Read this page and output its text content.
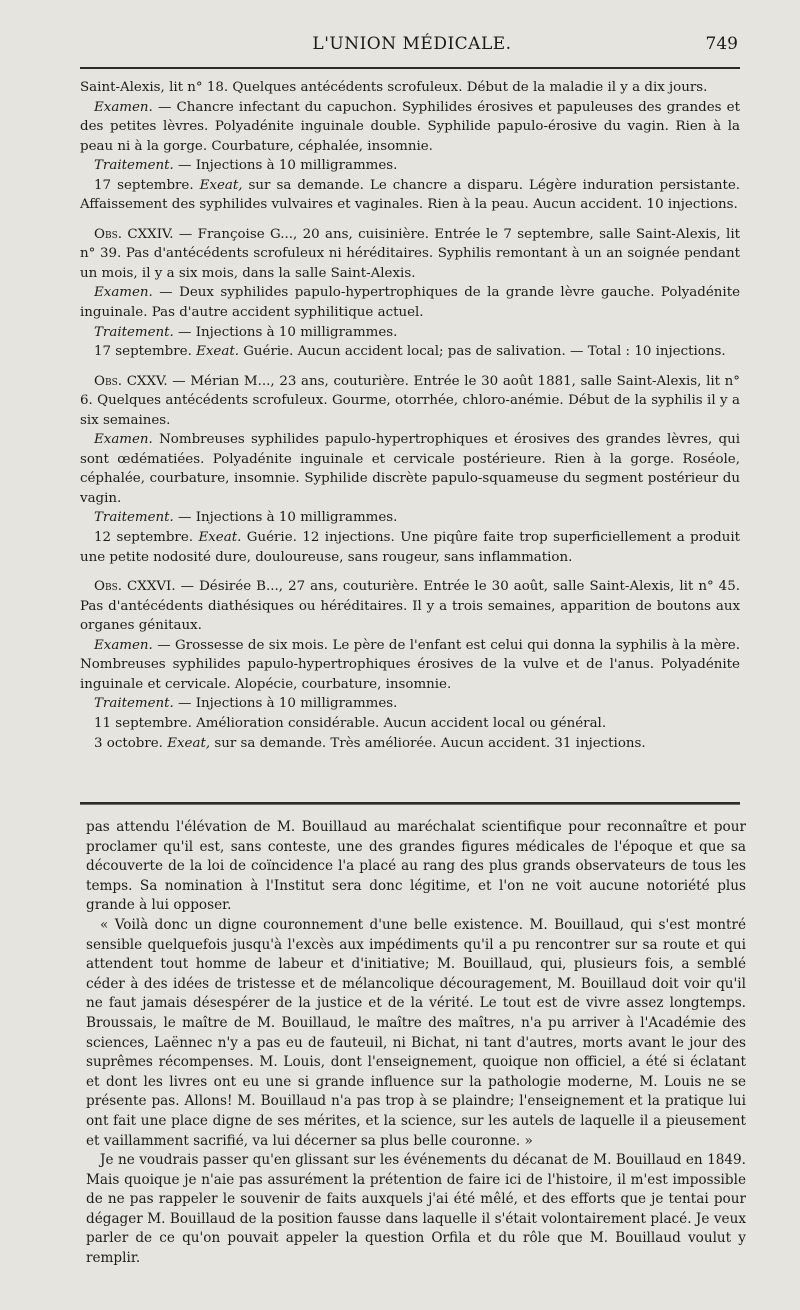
L'UNION MÉDICALE.	749

Saint-Alexis, lit n° 18. Quelques antécédents scrofuleux. Début de la maladie il y a dix jours.

Examen. — Chancre infectant du capuchon. Syphilides érosives et papuleuses des grandes et des petites lèvres. Polyadénite inguinale double. Syphilide papulo-érosive du vagin. Rien à la peau ni à la gorge. Courbature, céphalée, insomnie.

Traitement. — Injections à 10 milligrammes.

17 septembre. Exeat, sur sa demande. Le chancre a disparu. Légère induration persistante. Affaissement des syphilides vulvaires et vaginales. Rien à la peau. Aucun accident. 10 injections.

Obs. CXXIV. — Françoise G..., 20 ans, cuisinière. Entrée le 7 septembre, salle Saint-Alexis, lit n° 39. Pas d'antécédents scrofuleux ni héréditaires. Syphilis remontant à un an soignée pendant un mois, il y a six mois, dans la salle Saint-Alexis.

Examen. — Deux syphilides papulo-hypertrophiques de la grande lèvre gauche. Polyadénite inguinale. Pas d'autre accident syphilitique actuel.

Traitement. — Injections à 10 milligrammes.

17 septembre. Exeat. Guérie. Aucun accident local; pas de salivation. — Total : 10 injections.

Obs. CXXV. — Mérian M..., 23 ans, couturière. Entrée le 30 août 1881, salle Saint-Alexis, lit n° 6. Quelques antécédents scrofuleux. Gourme, otorrhée, chloro-anémie. Début de la syphilis il y a six semaines.

Examen. Nombreuses syphilides papulo-hypertrophiques et érosives des grandes lèvres, qui sont œdématiées. Polyadénite inguinale et cervicale postérieure. Rien à la gorge. Roséole, céphalée, courbature, insomnie. Syphilide discrète papulo-squameuse du segment postérieur du vagin.

Traitement. — Injections à 10 milligrammes.

12 septembre. Exeat. Guérie. 12 injections. Une piqûre faite trop superficiellement a produit une petite nodosité dure, douloureuse, sans rougeur, sans inflammation.

Obs. CXXVI. — Désirée B..., 27 ans, couturière. Entrée le 30 août, salle Saint-Alexis, lit n° 45. Pas d'antécédents diathésiques ou héréditaires. Il y a trois semaines, apparition de boutons aux organes génitaux.

Examen. — Grossesse de six mois. Le père de l'enfant est celui qui donna la syphilis à la mère. Nombreuses syphilides papulo-hypertrophiques érosives de la vulve et de l'anus. Polyadénite inguinale et cervicale. Alopécie, courbature, insomnie.

Traitement. — Injections à 10 milligrammes.

11 septembre. Amélioration considérable. Aucun accident local ou général.

3 octobre. Exeat, sur sa demande. Très améliorée. Aucun accident. 31 injections.

pas attendu l'élévation de M. Bouillaud au maréchalat scientifique pour reconnaître et pour proclamer qu'il est, sans conteste, une des grandes figures médicales de l'époque et que sa découverte de la loi de coïncidence l'a placé au rang des plus grands observateurs de tous les temps. Sa nomination à l'Institut sera donc légitime, et l'on ne voit aucune notoriété plus grande à lui opposer.

« Voilà donc un digne couronnement d'une belle existence. M. Bouillaud, qui s'est montré sensible quelquefois jusqu'à l'excès aux impédiments qu'il a pu rencontrer sur sa route et qui attendent tout homme de labeur et d'initiative; M. Bouillaud, qui, plusieurs fois, a semblé céder à des idées de tristesse et de mélancolique découragement, M. Bouillaud doit voir qu'il ne faut jamais désespérer de la justice et de la vérité. Le tout est de vivre assez longtemps. Broussais, le maître de M. Bouillaud, le maître des maîtres, n'a pu arriver à l'Académie des sciences, Laënnec n'y a pas eu de fauteuil, ni Bichat, ni tant d'autres, morts avant le jour des suprêmes récompenses. M. Louis, dont l'enseignement, quoique non officiel, a été si éclatant et dont les livres ont eu une si grande influence sur la pathologie moderne, M. Louis ne se présente pas. Allons! M. Bouillaud n'a pas trop à se plaindre; l'enseignement et la pratique lui ont fait une place digne de ses mérites, et la science, sur les autels de laquelle il a pieusement et vaillamment sacrifié, va lui décerner sa plus belle couronne. »

Je ne voudrais passer qu'en glissant sur les événements du décanat de M. Bouillaud en 1849. Mais quoique je n'aie pas assurément la prétention de faire ici de l'histoire, il m'est impossible de ne pas rappeler le souvenir de faits auxquels j'ai été mêlé, et des efforts que je tentai pour dégager M. Bouillaud de la position fausse dans laquelle il s'était volontairement placé. Je veux parler de ce qu'on pouvait appeler la question Orfila et du rôle que M. Bouillaud voulut y remplir.
